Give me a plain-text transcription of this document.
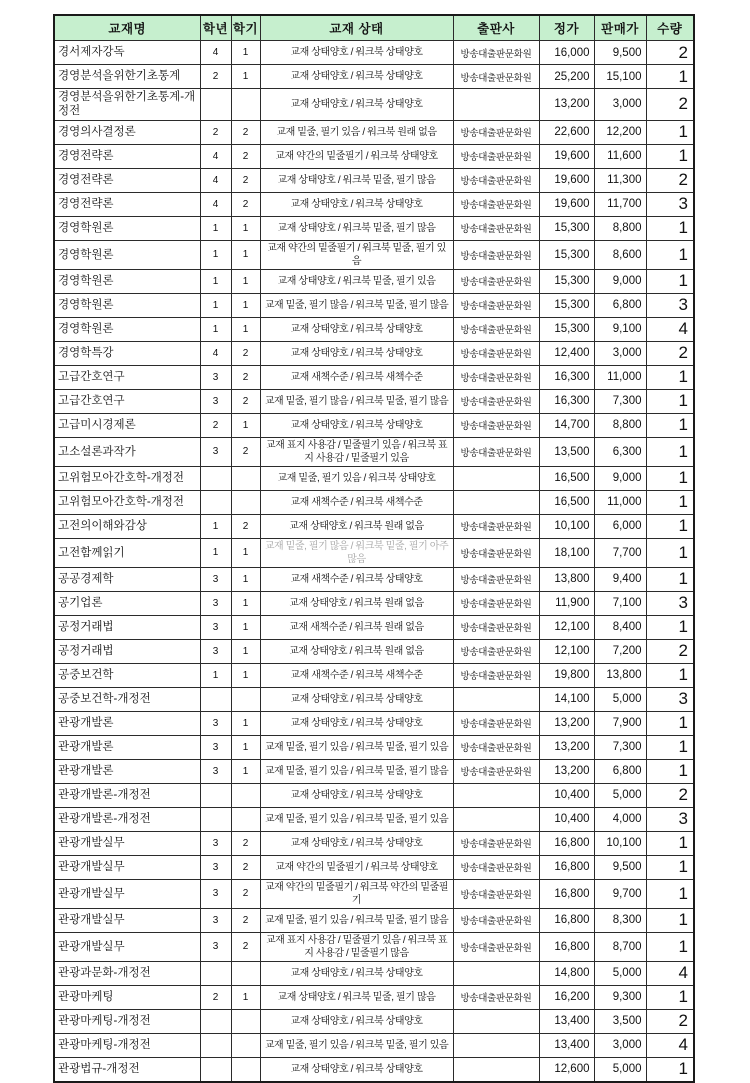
교재명	학년	학기	교재 상태	출판사	정가	판매가	수량
경서제자강독	4	1	교재 상태양호 / 워크북 상태양호	방송대출판문화원	16,000	9,500	2
경영분석을위한기초통계	2	1	교재 상태양호 / 워크북 상태양호	방송대출판문화원	25,200	15,100	1
경영분석을위한기초통계-개정전			교재 상태양호 / 워크북 상태양호		13,200	3,000	2
경영의사결정론	2	2	교재 밑줄, 필기 있음 / 워크북 원래 없음	방송대출판문화원	22,600	12,200	1
경영전략론	4	2	교재 약간의 밑줄필기 / 워크북 상태양호	방송대출판문화원	19,600	11,600	1
경영전략론	4	2	교재 상태양호 / 워크북 밑줄, 필기 많음	방송대출판문화원	19,600	11,300	2
경영전략론	4	2	교재 상태양호 / 워크북 상태양호	방송대출판문화원	19,600	11,700	3
경영학원론	1	1	교재 상태양호 / 워크북 밑줄, 필기 많음	방송대출판문화원	15,300	8,800	1
경영학원론	1	1	교재 약간의 밑줄필기 / 워크북 밑줄, 필기 있음	방송대출판문화원	15,300	8,600	1
경영학원론	1	1	교재 상태양호 / 워크북 밑줄, 필기 있음	방송대출판문화원	15,300	9,000	1
경영학원론	1	1	교재 밑줄, 필기 많음 / 워크북 밑줄, 필기 많음	방송대출판문화원	15,300	6,800	3
경영학원론	1	1	교재 상태양호 / 워크북 상태양호	방송대출판문화원	15,300	9,100	4
경영학특강	4	2	교재 상태양호 / 워크북 상태양호	방송대출판문화원	12,400	3,000	2
고급간호연구	3	2	교재 새책수준 / 워크북 새책수준	방송대출판문화원	16,300	11,000	1
고급간호연구	3	2	교재 밑줄, 필기 많음 / 워크북 밑줄, 필기 많음	방송대출판문화원	16,300	7,300	1
고급미시경제론	2	1	교재 상태양호 / 워크북 상태양호	방송대출판문화원	14,700	8,800	1
고소설론과작가	3	2	교재 표지 사용감 / 밑줄필기 있음 / 워크북 표지 사용감 / 밑줄필기 있음	방송대출판문화원	13,500	6,300	1
고위험모아간호학-개정전			교재 밑줄, 필기 있음 / 워크북 상태양호		16,500	9,000	1
고위험모아간호학-개정전			교재 새책수준 / 워크북 새책수준		16,500	11,000	1
고전의이해와감상	1	2	교재 상태양호 / 워크북 원래 없음	방송대출판문화원	10,100	6,000	1
고전함께읽기	1	1	교재 밑줄, 필기 많음 / 워크북 밑줄, 필기 아주 많음	방송대출판문화원	18,100	7,700	1
공공경제학	3	1	교재 새책수준 / 워크북 상태양호	방송대출판문화원	13,800	9,400	1
공기업론	3	1	교재 상태양호 / 워크북 원래 없음	방송대출판문화원	11,900	7,100	3
공정거래법	3	1	교재 새책수준 / 워크북 원래 없음	방송대출판문화원	12,100	8,400	1
공정거래법	3	1	교재 상태양호 / 워크북 원래 없음	방송대출판문화원	12,100	7,200	2
공중보건학	1	1	교재 새책수준 / 워크북 새책수준	방송대출판문화원	19,800	13,800	1
공중보건학-개정전			교재 상태양호 / 워크북 상태양호		14,100	5,000	3
관광개발론	3	1	교재 상태양호 / 워크북 상태양호	방송대출판문화원	13,200	7,900	1
관광개발론	3	1	교재 밑줄, 필기 있음 / 워크북 밑줄, 필기 있음	방송대출판문화원	13,200	7,300	1
관광개발론	3	1	교재 밑줄, 필기 있음 / 워크북 밑줄, 필기 많음	방송대출판문화원	13,200	6,800	1
관광개발론-개정전			교재 상태양호 / 워크북 상태양호		10,400	5,000	2
관광개발론-개정전			교재 밑줄, 필기 있음 / 워크북 밑줄, 필기 있음		10,400	4,000	3
관광개발실무	3	2	교재 상태양호 / 워크북 상태양호	방송대출판문화원	16,800	10,100	1
관광개발실무	3	2	교재 약간의 밑줄필기 / 워크북 상태양호	방송대출판문화원	16,800	9,500	1
관광개발실무	3	2	교재 약간의 밑줄필기 / 워크북 약간의 밑줄필기	방송대출판문화원	16,800	9,700	1
관광개발실무	3	2	교재 밑줄, 필기 있음 / 워크북 밑줄, 필기 많음	방송대출판문화원	16,800	8,300	1
관광개발실무	3	2	교재 표지 사용감 / 밑줄필기 있음 / 워크북 표지 사용감 / 밑줄필기 많음	방송대출판문화원	16,800	8,700	1
관광과문화-개정전			교재 상태양호 / 워크북 상태양호		14,800	5,000	4
관광마케팅	2	1	교재 상태양호 / 워크북 밑줄, 필기 많음	방송대출판문화원	16,200	9,300	1
관광마케팅-개정전			교재 상태양호 / 워크북 상태양호		13,400	3,500	2
관광마케팅-개정전			교재 밑줄, 필기 있음 / 워크북 밑줄, 필기 있음		13,400	3,000	4
관광법규-개정전			교재 상태양호 / 워크북 상태양호		12,600	5,000	1
